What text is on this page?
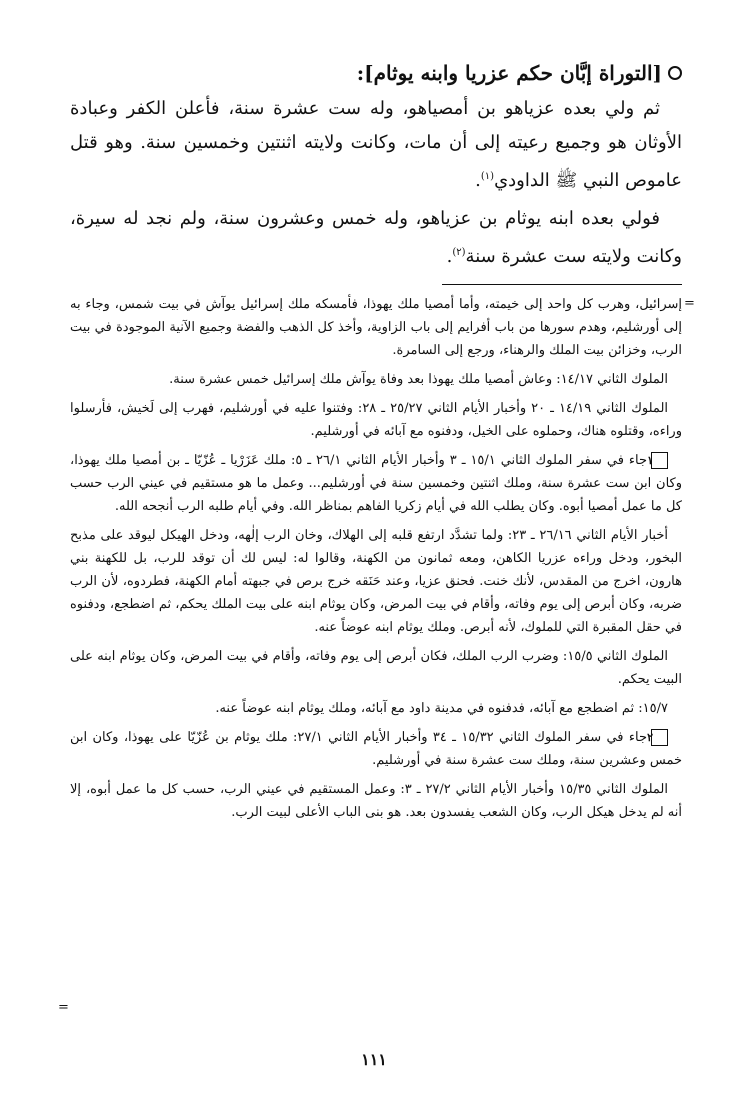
[التوراة إبَّان حكم عزريا وابنه يوثام]:

ثم ولي بعده عزياهو بن أمصياهو، وله ست عشرة سنة، فأعلن الكفر وعبادة الأوثان هو وجميع رعيته إلى أن مات، وكانت ولايته اثنتين وخمسين سنة. وهو قتل عاموص النبي ﷺ الداودي$^{(١)}$.

فولي بعده ابنه يوثام بن عزياهو، وله خمس وعشرون سنة، ولم نجد له سيرة، وكانت ولايته ست عشرة سنة$^{(٢)}$.

إسرائيل، وهرب كل واحد إلى خيمته، وأما أمصيا ملك يهوذا، فأمسكه ملك إسرائيل يوآش في بيت شمس، وجاء به إلى أورشليم، وهدم سورها من باب أفرايم إلى باب الزاوية، وأخذ كل الذهب والفضة وجميع الآنية الموجودة في بيت الرب، وخزائن بيت الملك والرهناء، ورجع إلى السامرة.

الملوك الثاني ١٤/١٧: وعاش أمصيا ملك يهوذا بعد وفاة يوآش ملك إسرائيل خمس عشرة سنة.

الملوك الثاني ١٤/١٩ ـ ٢٠ وأخبار الأيام الثاني ٢٥/٢٧ ـ ٢٨: وفتنوا عليه في أورشليم، فهرب إلى لَخيش، فأرسلوا وراءه، وقتلوه هناك، وحملوه على الخيل، ودفنوه مع آبائه في أورشليم.

١جاء في سفر الملوك الثاني ١٥/١ ـ ٣ وأخبار الأيام الثاني ٢٦/١ ـ ٥: ملك عَزَرْيا ـ عُزّيّا ـ بن أمصيا ملك يهوذا، وكان ابن ست عشرة سنة، وملك اثنتين وخمسين سنة في أورشليم... وعمل ما هو مستقيم في عيني الرب حسب كل ما عمل أمصيا أبوه. وكان يطلب الله في أيام زكريا الفاهم بمناظر الله. وفي أيام طلبه الرب أنجحه الله.

أخبار الأيام الثاني ٢٦/١٦ ـ ٢٣: ولما تشدَّد ارتفع قلبه إلى الهلاك، وخان الرب إلٰهه، ودخل الهيكل ليوقد على مذبح البخور، ودخل وراءه عزريا الكاهن، ومعه ثمانون من الكهنة، وقالوا له: ليس لك أن توقد للرب، بل للكهنة بني هارون، اخرج من المقدس، لأنك خنت. فحنق عزيا، وعند حَنَقه خرج برص في جبهته أمام الكهنة، فطردوه، لأن الرب ضربه، وكان أبرص إلى يوم وفاته، وأقام في بيت المرض، وكان يوثام ابنه على بيت الملك يحكم، ثم اضطجع، ودفنوه في حقل المقبرة التي للملوك، لأنه أبرص. وملك يوثام ابنه عوضاً عنه.

الملوك الثاني ١٥/٥: وضرب الرب الملك، فكان أبرص إلى يوم وفاته، وأقام في بيت المرض، وكان يوثام ابنه على البيت يحكم.

١٥/٧: ثم اضطجع مع آبائه، فدفنوه في مدينة داود مع آبائه، وملك يوثام ابنه عوضاً عنه.

٢جاء في سفر الملوك الثاني ١٥/٣٢ ـ ٣٤ وأخبار الأيام الثاني ٢٧/١: ملك يوثام بن عُزّيّا على يهوذا، وكان ابن خمس وعشرين سنة، وملك ست عشرة سنة في أورشليم.

الملوك الثاني ١٥/٣٥ وأخبار الأيام الثاني ٢٧/٢ ـ ٣: وعمل المستقيم في عيني الرب، حسب كل ما عمل أبوه، إلا أنه لم يدخل هيكل الرب، وكان الشعب يفسدون بعد. هو بنى الباب الأعلى لبيت الرب.

=
=
١١١
